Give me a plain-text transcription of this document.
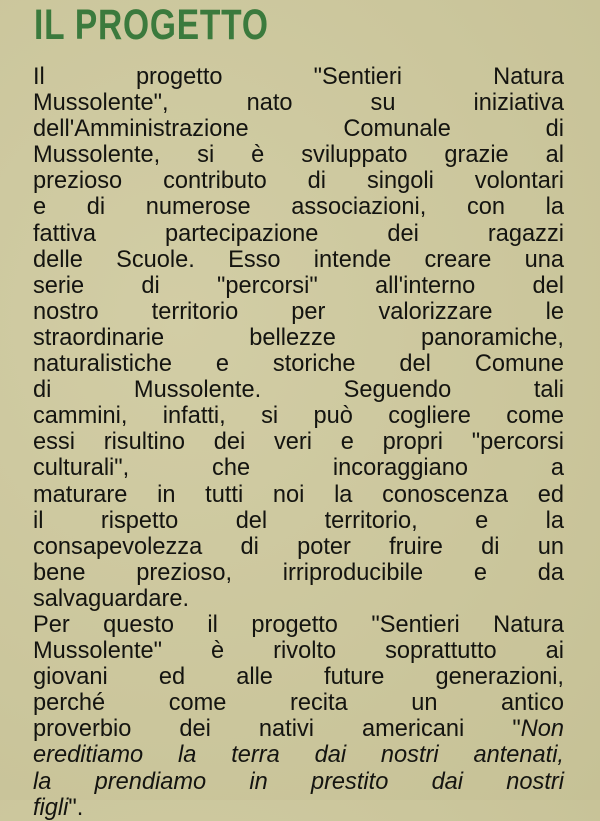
IL PROGETTO
Il progetto "Sentieri Natura
Mussolente", nato su iniziativa
dell'Amministrazione Comunale di
Mussolente, si è sviluppato grazie al
prezioso contributo di singoli volontari
e di numerose associazioni, con la
fattiva partecipazione dei ragazzi
delle Scuole. Esso intende creare una
serie di "percorsi" all'interno del
nostro territorio per valorizzare le
straordinarie bellezze panoramiche,
naturalistiche e storiche del Comune
di Mussolente. Seguendo tali
cammini, infatti, si può cogliere come
essi risultino dei veri e propri "percorsi
culturali", che incoraggiano a
maturare in tutti noi la conoscenza ed
il rispetto del territorio, e la
consapevolezza di poter fruire di un
bene prezioso, irriproducibile e da
salvaguardare.
Per questo il progetto "Sentieri Natura
Mussolente" è rivolto soprattutto ai
giovani ed alle future generazioni,
perché come recita un antico
proverbio dei nativi americani "Non
ereditiamo la terra dai nostri antenati,
la prendiamo in prestito dai nostri
figli".
